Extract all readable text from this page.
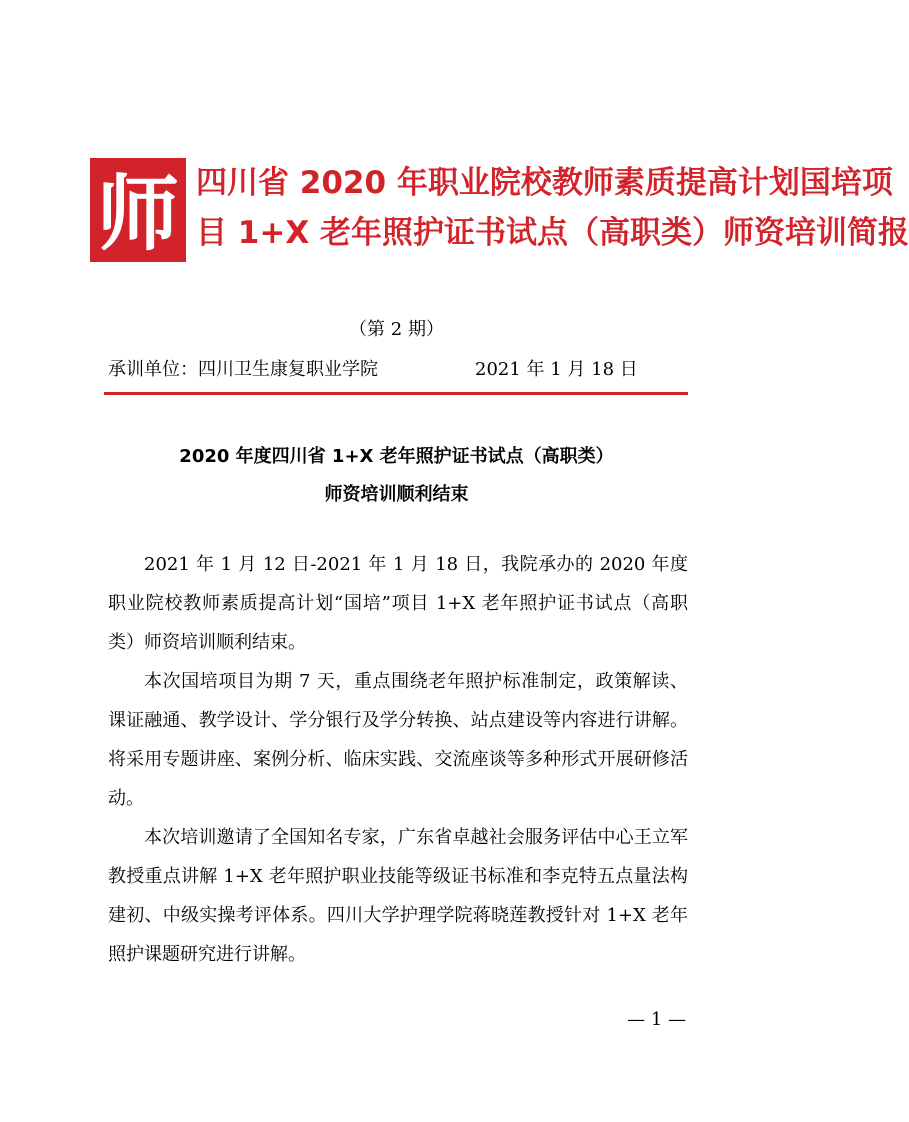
师 四川省 2020 年职业院校教师素质提高计划国培项
目 1+X 老年照护证书试点（高职类）师资培训简报
（第 2 期）
承训单位：四川卫生康复职业学院	2021 年 1 月 18 日
2020 年度四川省 1+X 老年照护证书试点（高职类）
师资培训顺利结束

2021 年 1 月 12 日-2021 年 1 月 18 日，我院承办的 2020 年度职业院校教师素质提高计划“国培”项目 1+X 老年照护证书试点（高职类）师资培训顺利结束。

本次国培项目为期 7 天，重点围绕老年照护标准制定，政策解读、课证融通、教学设计、学分银行及学分转换、站点建设等内容进行讲解。将采用专题讲座、案例分析、临床实践、交流座谈等多种形式开展研修活动。

本次培训邀请了全国知名专家，广东省卓越社会服务评估中心王立军教授重点讲解 1+X 老年照护职业技能等级证书标准和李克特五点量法构建初、中级实操考评体系。四川大学护理学院蒋晓莲教授针对 1+X 老年照护课题研究进行讲解。

— 1 —
